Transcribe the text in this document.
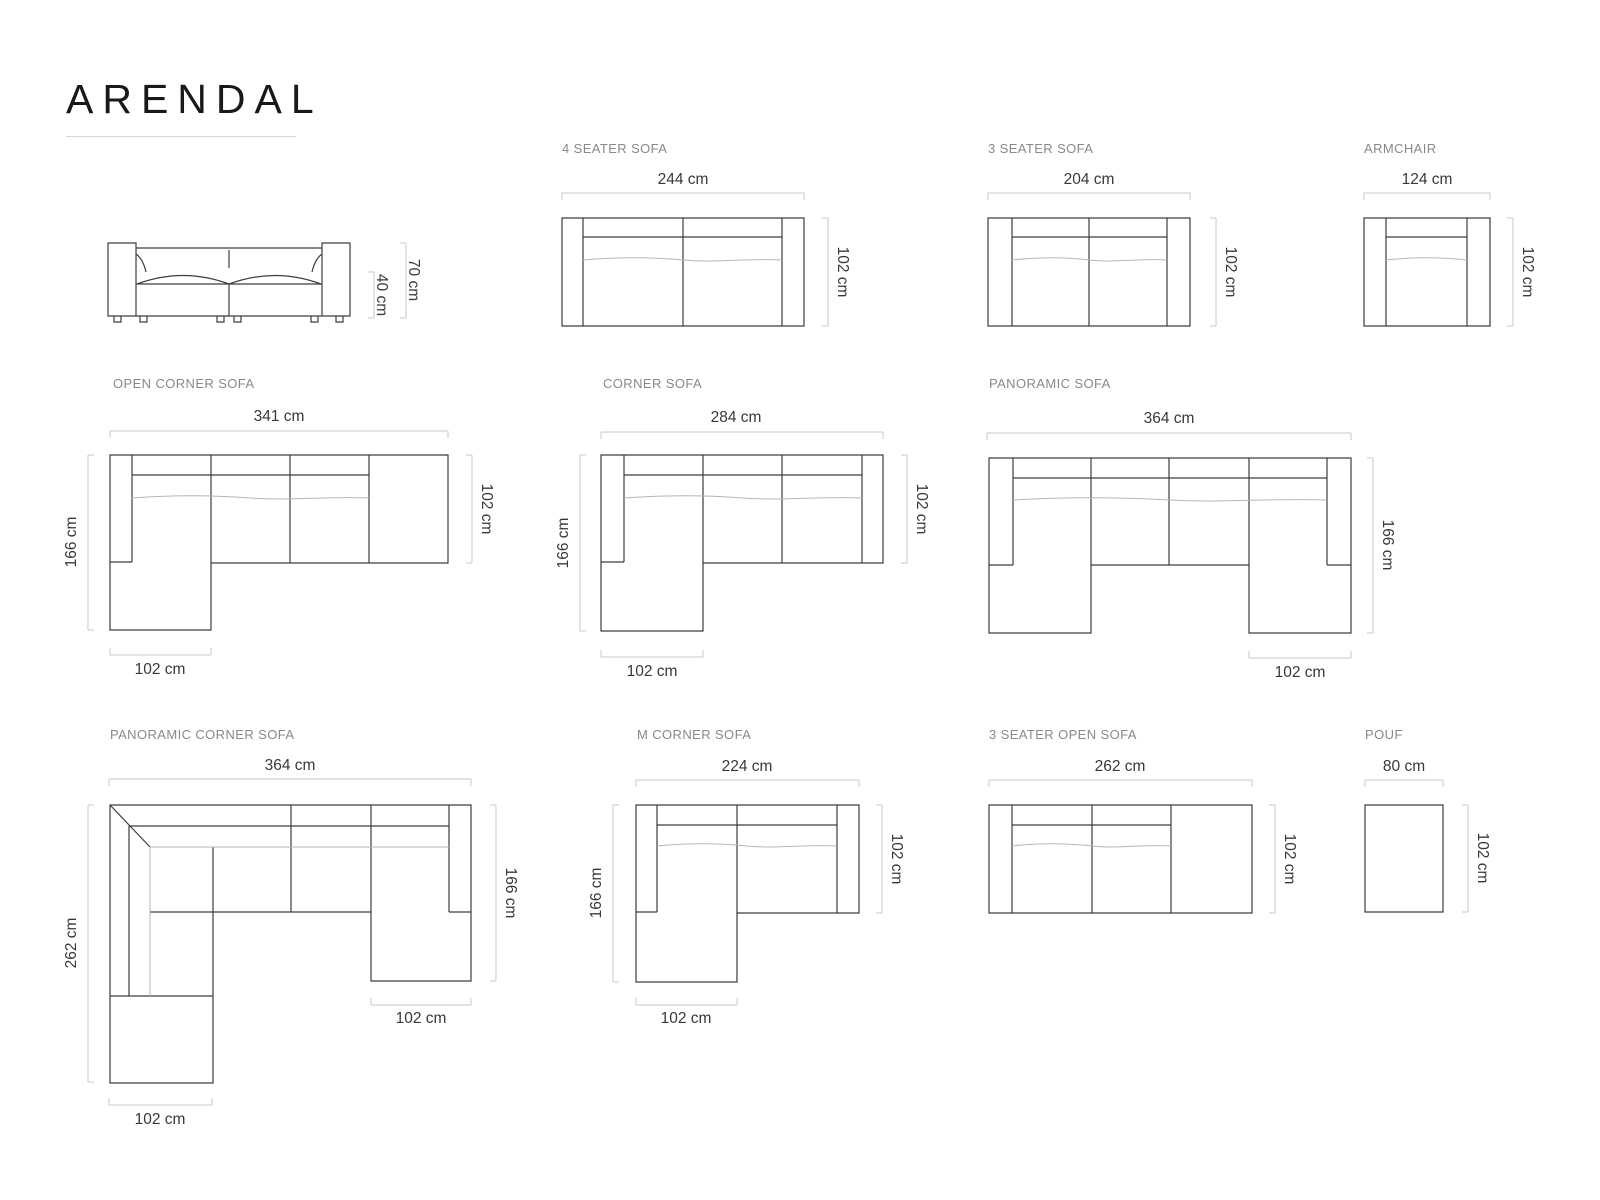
ARENDAL
40 cm 70 cm
4 SEATER SOFA
244 cm
102 cm
3 SEATER SOFA
204 cm
102 cm
ARMCHAIR
124 cm
102 cm
OPEN CORNER SOFA
341 cm
166 cm
102 cm
102 cm
CORNER SOFA
284 cm
166 cm
102 cm
102 cm
PANORAMIC SOFA
364 cm
166 cm
102 cm
PANORAMIC CORNER SOFA
364 cm
262 cm
166 cm
102 cm
102 cm
M CORNER SOFA
224 cm
166 cm
102 cm
102 cm
3 SEATER OPEN SOFA
262 cm
102 cm
POUF
80 cm
102 cm
